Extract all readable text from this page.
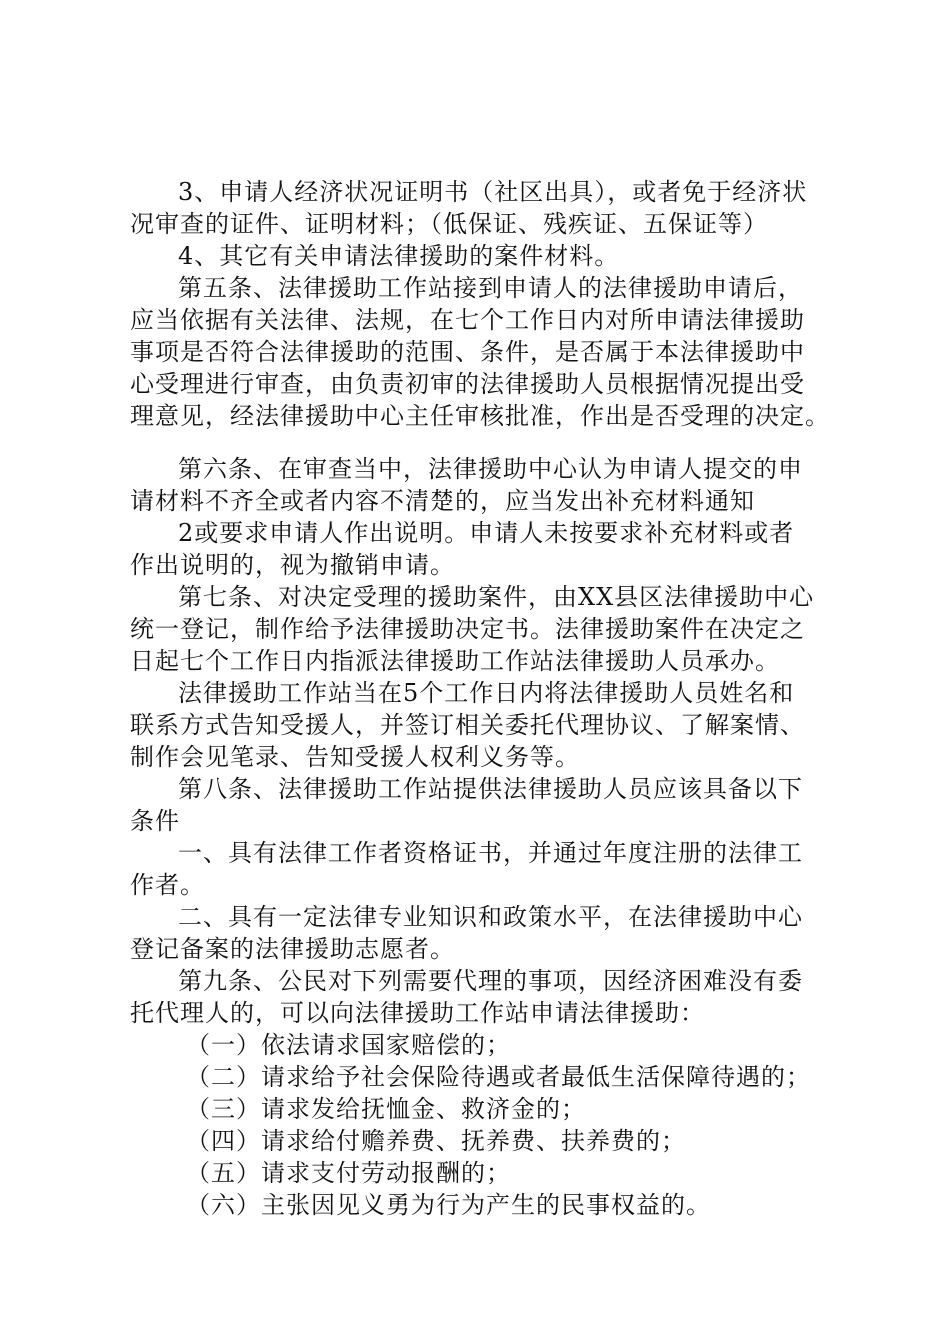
3、申请人经济状况证明书（社区出具），或者免于经济状
况审查的证件、证明材料；（低保证、残疾证、五保证等）
4、其它有关申请法律援助的案件材料。
第五条、法律援助工作站接到申请人的法律援助申请后，
应当依据有关法律、法规，在七个工作日内对所申请法律援助
事项是否符合法律援助的范围、条件，是否属于本法律援助中
心受理进行审查，由负责初审的法律援助人员根据情况提出受
理意见，经法律援助中心主任审核批准，作出是否受理的决定。
第六条、在审查当中，法律援助中心认为申请人提交的申
请材料不齐全或者内容不清楚的，应当发出补充材料通知
2或要求申请人作出说明。申请人未按要求补充材料或者
作出说明的，视为撤销申请。
第七条、对决定受理的援助案件，由XX县区法律援助中心
统一登记，制作给予法律援助决定书。法律援助案件在决定之
日起七个工作日内指派法律援助工作站法律援助人员承办。
法律援助工作站当在5个工作日内将法律援助人员姓名和
联系方式告知受援人，并签订相关委托代理协议、了解案情、
制作会见笔录、告知受援人权利义务等。
第八条、法律援助工作站提供法律援助人员应该具备以下
条件
一、具有法律工作者资格证书，并通过年度注册的法律工
作者。
二、具有一定法律专业知识和政策水平，在法律援助中心
登记备案的法律援助志愿者。
第九条、公民对下列需要代理的事项，因经济困难没有委
托代理人的，可以向法律援助工作站申请法律援助：
（一）依法请求国家赔偿的；
（二）请求给予社会保险待遇或者最低生活保障待遇的；
（三）请求发给抚恤金、救济金的；
（四）请求给付赡养费、抚养费、扶养费的；
（五）请求支付劳动报酬的；
（六）主张因见义勇为行为产生的民事权益的。
